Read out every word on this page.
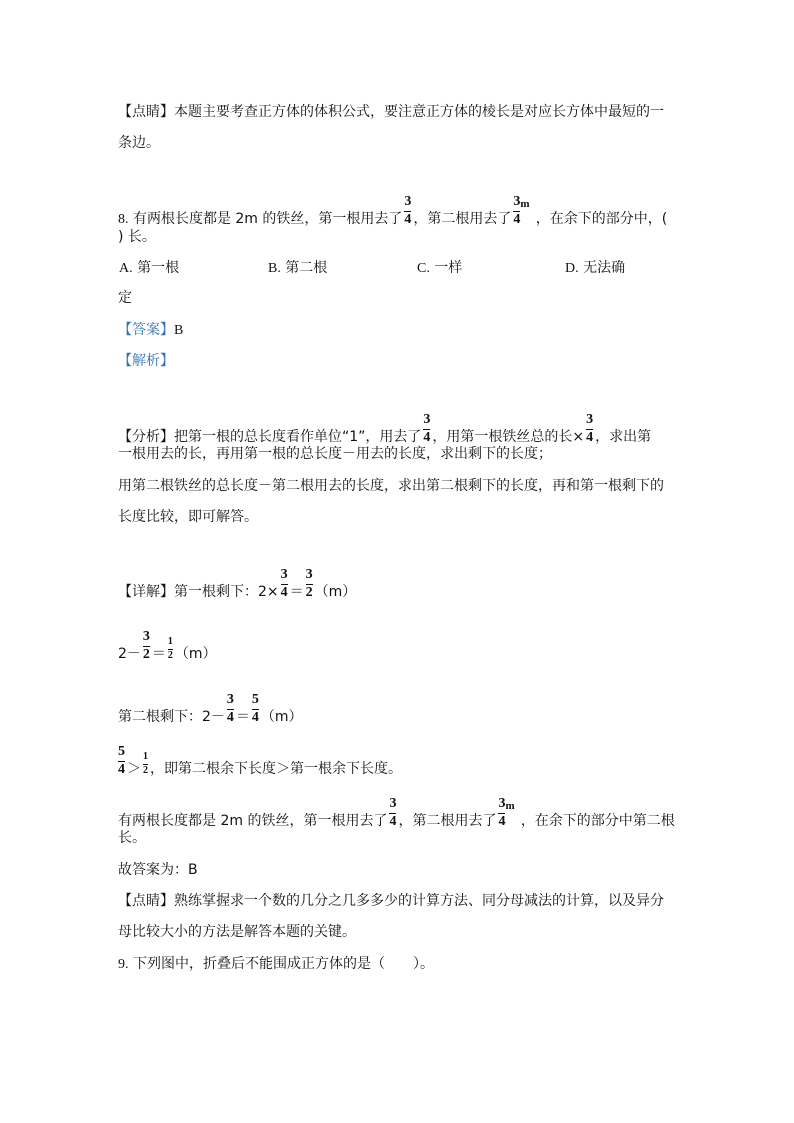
【点睛】本题主要考查正方体的体积公式，要注意正方体的棱长是对应长方体中最短的一
条边。
8. 有两根长度都是 2m 的铁丝，第一根用去了 $\frac{3}{4}$ ，第二根用去了
3
4
m
，在余下的部分中，(
) 长。
A. 第一根	B. 第二根	C. 一样	D. 无法确
定
【答案】B
【解析】
【分析】把第一根的总长度看作单位“1”，用去了 $\frac{3}{4}$ ，用第一根铁丝总的长× $\frac{3}{4}$ ，求出第
一根用去的长，再用第一根的总长度－用去的长度，求出剩下的长度；
用第二根铁丝的总长度－第二根用去的长度，求出第二根剩下的长度，再和第一根剩下的
长度比较，即可解答。
【详解】第一根剩下：$2\times \frac{3}{4} = \frac{3}{2} (m)$
$2- \frac{3}{2} = \frac{1}{2} (m)$
第二根剩下：$2- \frac{3}{4} = \frac{5}{4} (m)$
$\frac{5}{4} > \frac{1}{2}$ ，即第二根余下长度＞第一根余下长度。
有两根长度都是 2m 的铁丝，第一根用去了 $\frac{3}{4}$ ，第二根用去了
3
4
m
，在余下的部分中第二根
长。
故答案为：B
【点睛】熟练掌握求一个数的几分之几多多少的计算方法、同分母减法的计算，以及异分
母比较大小的方法是解答本题的关键。
9. 下列图中，折叠后不能围成正方体的是（　　）。
